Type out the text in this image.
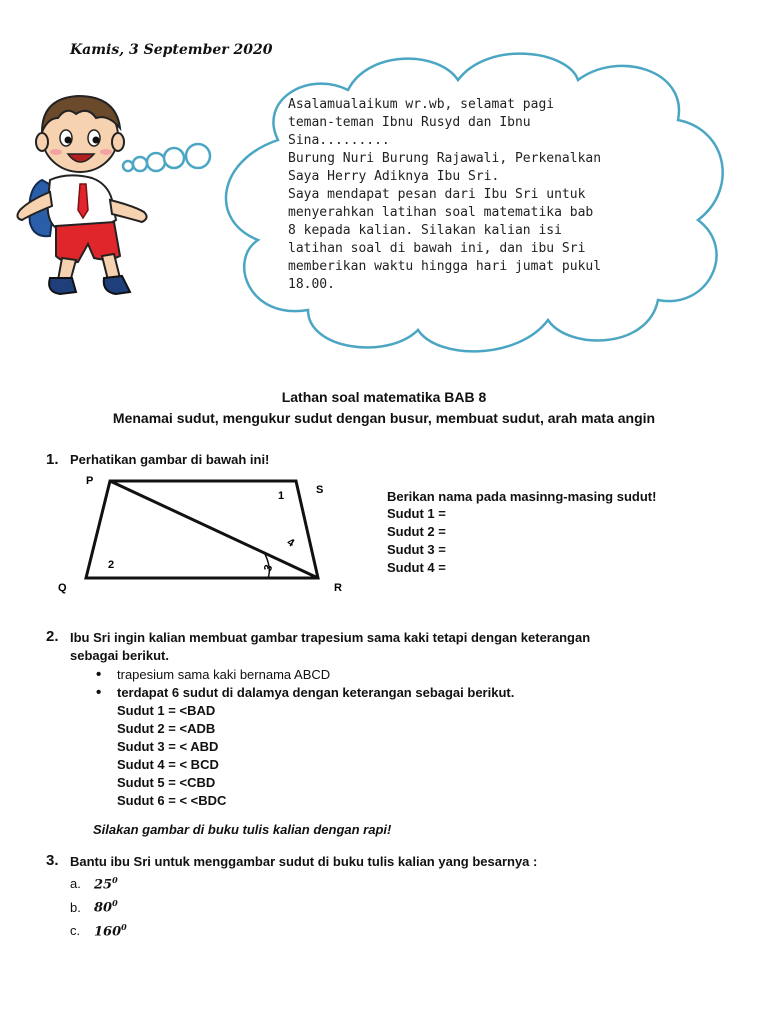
Kamis, 3 September 2020
Asalamualaikum wr.wb, selamat pagi
teman-teman Ibnu Rusyd dan Ibnu
Sina.........
Burung Nuri Burung Rajawali, Perkenalkan
Saya Herry Adiknya Ibu Sri.
Saya mendapat pesan dari Ibu Sri untuk
menyerahkan latihan soal matematika bab
8 kepada kalian. Silakan kalian isi
latihan soal di bawah ini, dan ibu Sri
memberikan waktu hingga hari jumat pukul
18.00.
Lathan soal matematika BAB 8
Menamai sudut, mengukur sudut dengan busur, membuat sudut, arah mata angin
1. Perhatikan gambar di bawah ini!
P
S
Q	R
1
2	3
4
Berikan nama pada masinng-masing sudut!
Sudut 1 =
Sudut 2 =
Sudut 3 =
Sudut 4 =
2. Ibu Sri ingin kalian membuat gambar trapesium sama kaki tetapi dengan keterangan
sebagai berikut.
• trapesium sama kaki bernama ABCD
• terdapat 6 sudut di dalamya dengan keterangan sebagai berikut.
Sudut 1 = <BAD
Sudut 2 = <ADB
Sudut 3 = < ABD
Sudut 4 = < BCD
Sudut 5 = <CBD
Sudut 6 = < <BDC
Silakan gambar di buku tulis kalian dengan rapi!
3. Bantu ibu Sri untuk menggambar sudut di buku tulis kalian yang besarnya :
a. $25^0$
b. $80^0$
c. $160^0$
